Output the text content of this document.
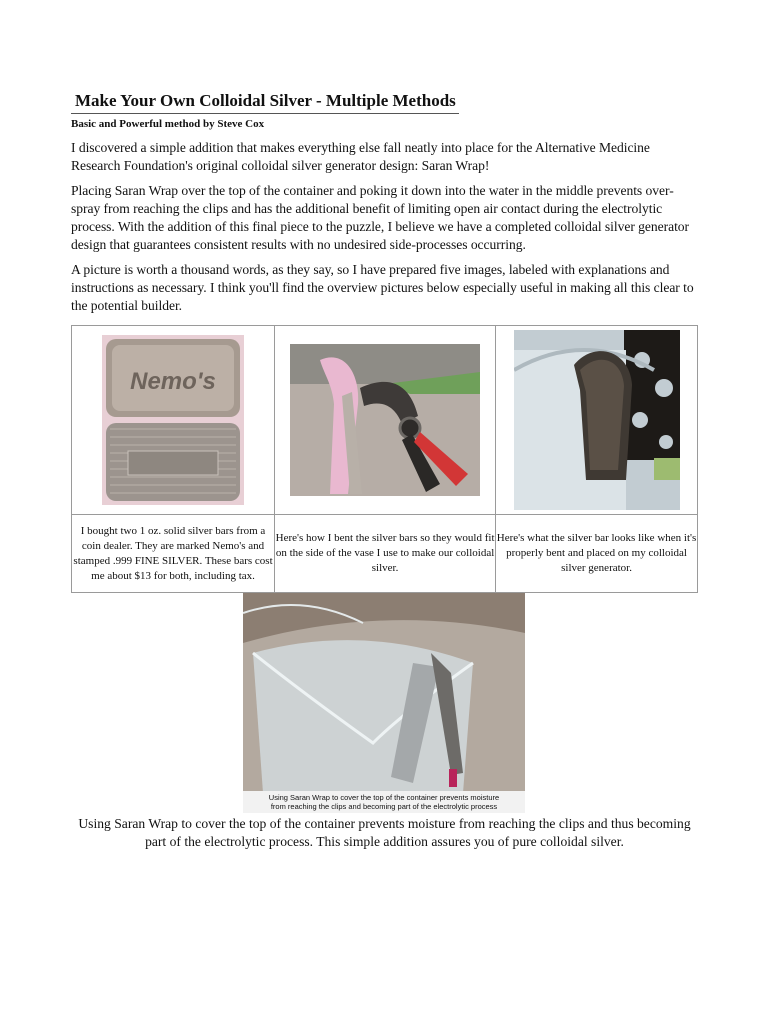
Make Your Own Colloidal Silver - Multiple Methods
Basic and Powerful method by Steve Cox

I discovered a simple addition that makes everything else fall neatly into place for the Alternative Medicine Research Foundation's original colloidal silver generator design: Saran Wrap!

Placing Saran Wrap over the top of the container and poking it down into the water in the middle prevents over-spray from reaching the clips and has the additional benefit of limiting open air contact during the electrolytic process. With the addition of this final piece to the puzzle, I believe we have a completed colloidal silver generator design that guarantees consistent results with no undesired side-processes occurring.

A picture is worth a thousand words, as they say, so I have prepared five images, labeled with explanations and instructions as necessary. I think you'll find the overview pictures below especially useful in making all this clear to the potential builder.

Nemo's

I bought two 1 oz. solid silver bars from a coin dealer. They are marked Nemo's and stamped .999 FINE SILVER. These bars cost me about $13 for both, including tax.	Here's how I bent the silver bars so they would fit on the side of the vase I use to make our colloidal silver.	Here's what the silver bar looks like when it's properly bent and placed on my colloidal silver generator.
Using Saran Wrap to cover the top of the container prevents moisture
from reaching the clips and becoming part of the electrolytic process
Using Saran Wrap to cover the top of the container prevents moisture from reaching the clips and thus becoming part of the electrolytic process. This simple addition assures you of pure colloidal silver.
